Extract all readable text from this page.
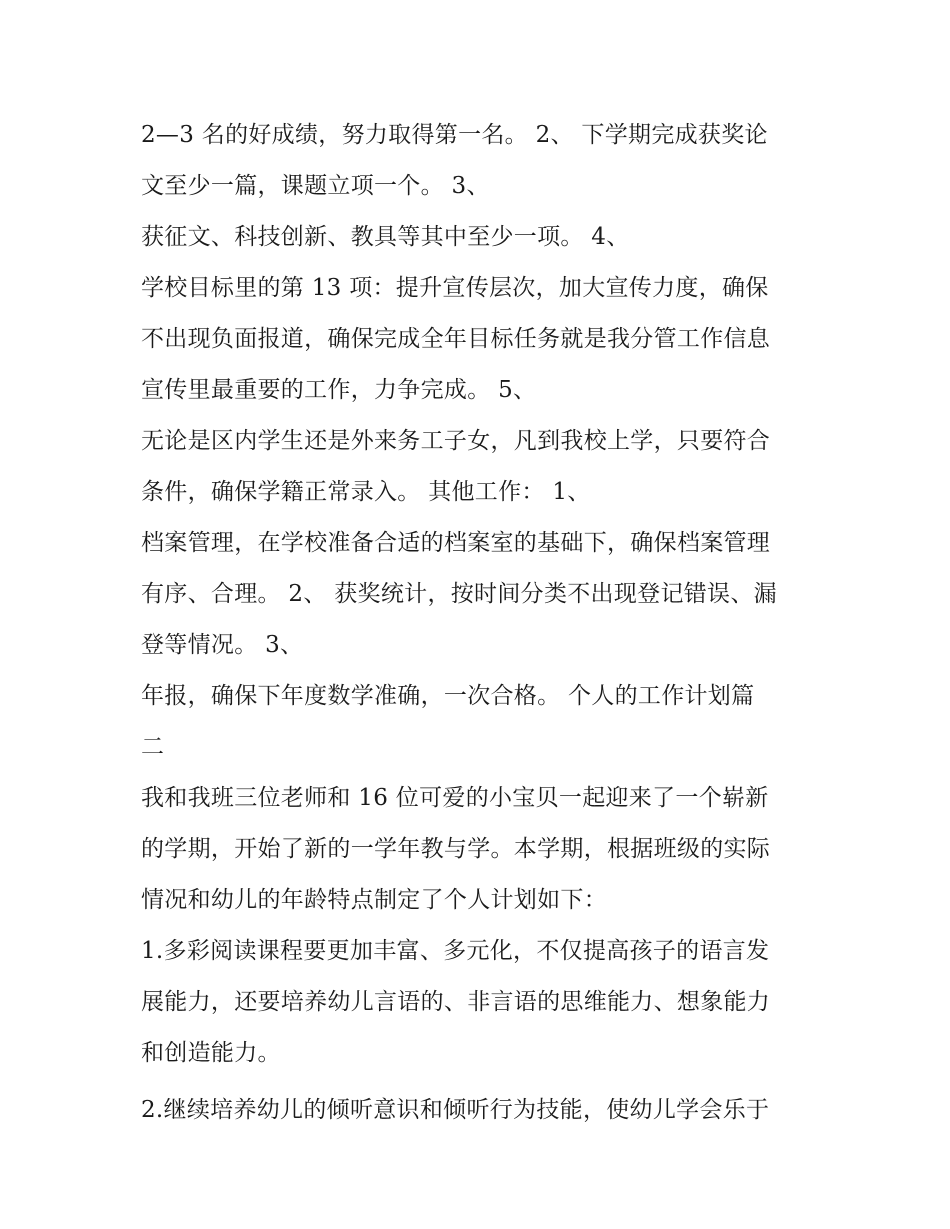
2—3 名的好成绩，努力取得第一名。 2、 下学期完成获奖论
文至少一篇，课题立项一个。 3、
获征文、科技创新、教具等其中至少一项。 4、
学校目标里的第 13 项：提升宣传层次，加大宣传力度，确保
不出现负面报道，确保完成全年目标任务就是我分管工作信息
宣传里最重要的工作，力争完成。 5、
无论是区内学生还是外来务工子女，凡到我校上学，只要符合
条件，确保学籍正常录入。 其他工作： 1、
档案管理，在学校准备合适的档案室的基础下，确保档案管理
有序、合理。 2、 获奖统计，按时间分类不出现登记错误、漏
登等情况。 3、
年报，确保下年度数学准确，一次合格。 个人的工作计划篇
二
我和我班三位老师和 16 位可爱的小宝贝一起迎来了一个崭新
的学期，开始了新的一学年教与学。本学期，根据班级的实际
情况和幼儿的年龄特点制定了个人计划如下：
1.多彩阅读课程要更加丰富、多元化，不仅提高孩子的语言发
展能力，还要培养幼儿言语的、非言语的思维能力、想象能力
和创造能力。
2.继续培养幼儿的倾听意识和倾听行为技能，使幼儿学会乐于
